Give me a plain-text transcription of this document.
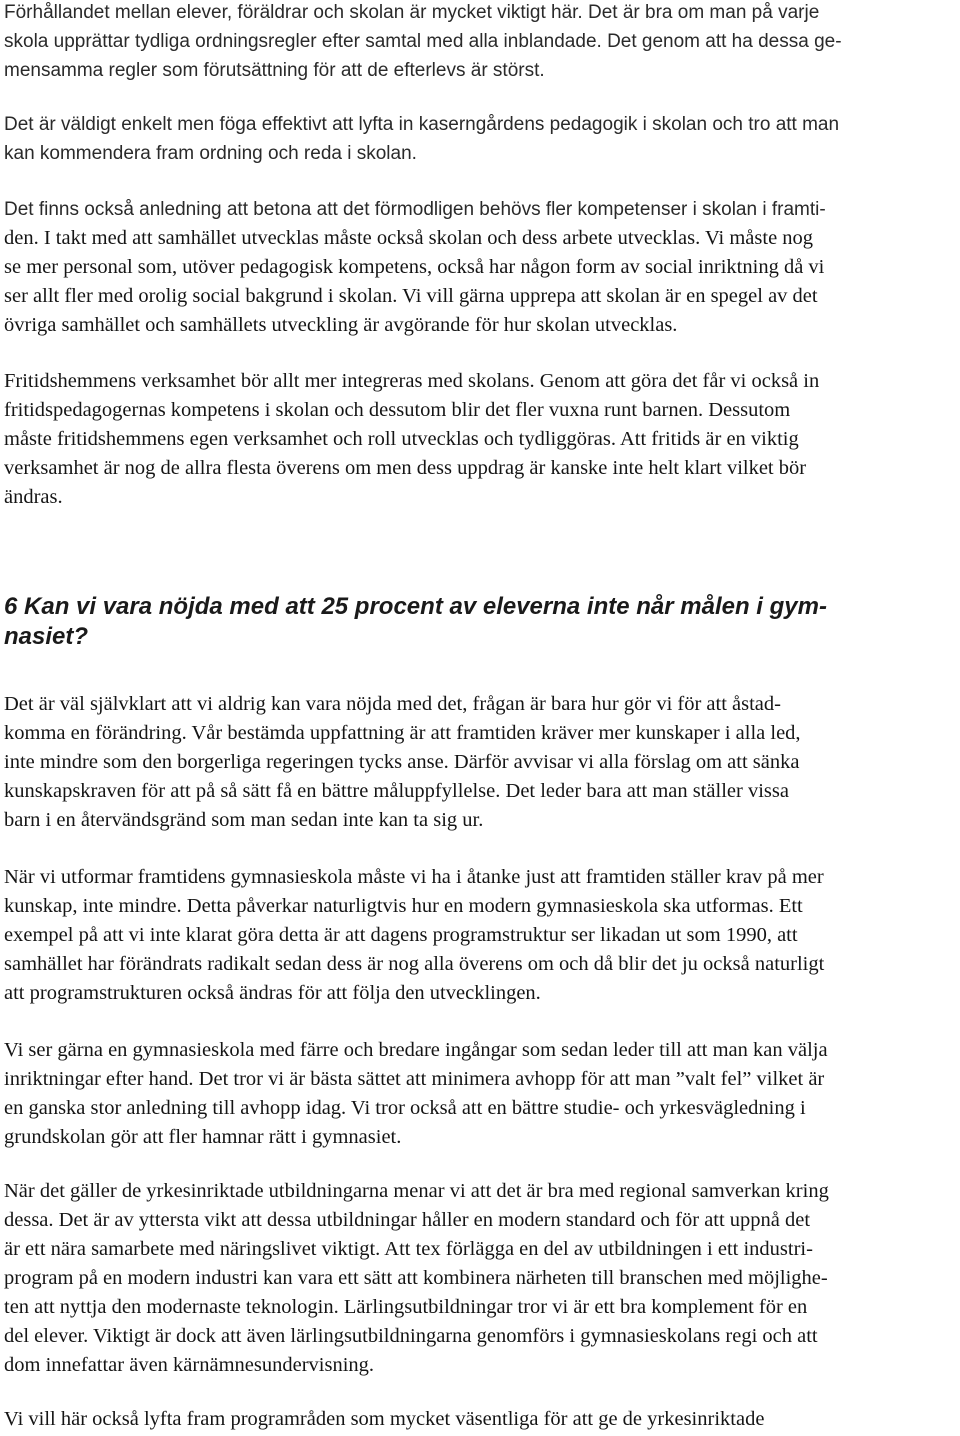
Förhållandet mellan elever, föräldrar och skolan är mycket viktigt här. Det är bra om man på varje
skola upprättar tydliga ordningsregler efter samtal med alla inblandade. Det genom att ha dessa ge-
mensamma regler som förutsättning för att de efterlevs är störst.
Det är väldigt enkelt men föga effektivt att lyfta in kaserngårdens pedagogik i skolan och tro att man
kan kommendera fram ordning och reda i skolan.
Det finns också anledning att betona att det förmodligen behövs fler kompetenser i skolan i framti-
den. I takt med att samhället utvecklas måste också skolan och dess arbete utvecklas. Vi måste nog
se mer personal som, utöver pedagogisk kompetens, också har någon form av social inriktning då vi
ser allt fler med orolig social bakgrund i skolan. Vi vill gärna upprepa att skolan är en spegel av det
övriga samhället och samhällets utveckling är avgörande för hur skolan utvecklas.
Fritidshemmens verksamhet bör allt mer integreras med skolans. Genom att göra det får vi också in
fritidspedagogernas kompetens i skolan och dessutom blir det fler vuxna runt barnen. Dessutom
måste fritidshemmens egen verksamhet och roll utvecklas och tydliggöras. Att fritids är en viktig
verksamhet är nog de allra flesta överens om men dess uppdrag är kanske inte helt klart vilket bör
ändras.
6 Kan vi vara nöjda med att 25 procent av eleverna inte når målen i gym-
nasiet?
Det är väl självklart att vi aldrig kan vara nöjda med det, frågan är bara hur gör vi för att åstad-
komma en förändring. Vår bestämda uppfattning är att framtiden kräver mer kunskaper i alla led,
inte mindre som den borgerliga regeringen tycks anse. Därför avvisar vi alla förslag om att sänka
kunskapskraven för att på så sätt få en bättre måluppfyllelse. Det leder bara att man ställer vissa
barn i en återvändsgränd som man sedan inte kan ta sig ur.
När vi utformar framtidens gymnasieskola måste vi ha i åtanke just att framtiden ställer krav på mer
kunskap, inte mindre. Detta påverkar naturligtvis hur en modern gymnasieskola ska utformas. Ett
exempel på att vi inte klarat göra detta är att dagens programstruktur ser likadan ut som 1990, att
samhället har förändrats radikalt sedan dess är nog alla överens om och då blir det ju också naturligt
att programstrukturen också ändras för att följa den utvecklingen.
Vi ser gärna en gymnasieskola med färre och bredare ingångar som sedan leder till att man kan välja
inriktningar efter hand. Det tror vi är bästa sättet att minimera avhopp för att man ”valt fel” vilket är
en ganska stor anledning till avhopp idag. Vi tror också att en bättre studie- och yrkesvägledning i
grundskolan gör att fler hamnar rätt i gymnasiet.
När det gäller de yrkesinriktade utbildningarna menar vi att det är bra med regional samverkan kring
dessa. Det är av yttersta vikt att dessa utbildningar håller en modern standard och för att uppnå det
är ett nära samarbete med näringslivet viktigt. Att tex förlägga en del av utbildningen i ett industri-
program på en modern industri kan vara ett sätt att kombinera närheten till branschen med möjlighe-
ten att nyttja den modernaste teknologin. Lärlingsutbildningar tror vi är ett bra komplement för en
del elever. Viktigt är dock att även lärlingsutbildningarna genomförs i gymnasieskolans regi och att
dom innefattar även kärnämnesundervisning.
Vi vill här också lyfta fram programråden som mycket väsentliga för att ge de yrkesinriktade
